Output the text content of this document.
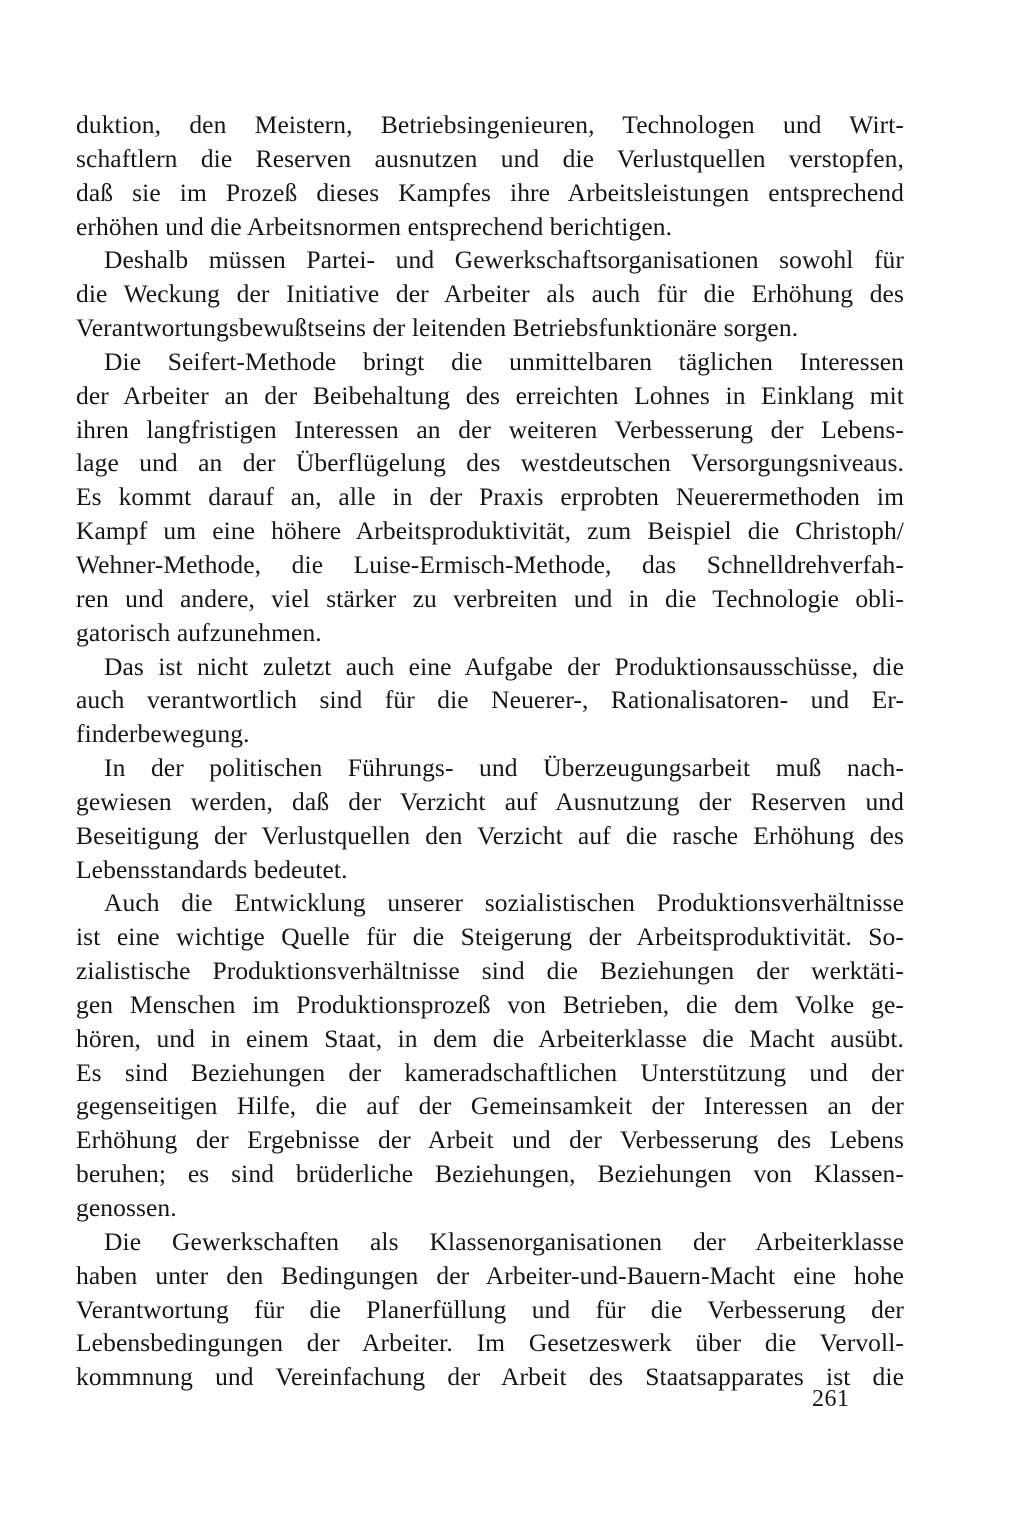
duktion, den Meistern, Betriebsingenieuren, Technologen und Wirt-
schaftlern die Reserven ausnutzen und die Verlustquellen verstopfen,
daß sie im Prozeß dieses Kampfes ihre Arbeitsleistungen entsprechend
erhöhen und die Arbeitsnormen entsprechend berichtigen.
Deshalb müssen Partei- und Gewerkschaftsorganisationen sowohl für
die Weckung der Initiative der Arbeiter als auch für die Erhöhung des
Verantwortungsbewußtseins der leitenden Betriebsfunktionäre sorgen.
Die Seifert-Methode bringt die unmittelbaren täglichen Interessen
der Arbeiter an der Beibehaltung des erreichten Lohnes in Einklang mit
ihren langfristigen Interessen an der weiteren Verbesserung der Lebens-
lage und an der Überflügelung des westdeutschen Versorgungsniveaus.
Es kommt darauf an, alle in der Praxis erprobten Neuerermethoden im
Kampf um eine höhere Arbeitsproduktivität, zum Beispiel die Christoph/
Wehner-Methode, die Luise-Ermisch-Methode, das Schnelldrehverfah-
ren und andere, viel stärker zu verbreiten und in die Technologie obli-
gatorisch aufzunehmen.
Das ist nicht zuletzt auch eine Aufgabe der Produktionsausschüsse, die
auch verantwortlich sind für die Neuerer-, Rationalisatoren- und Er-
finderbewegung.
In der politischen Führungs- und Überzeugungsarbeit muß nach-
gewiesen werden, daß der Verzicht auf Ausnutzung der Reserven und
Beseitigung der Verlustquellen den Verzicht auf die rasche Erhöhung des
Lebensstandards bedeutet.
Auch die Entwicklung unserer sozialistischen Produktionsverhältnisse
ist eine wichtige Quelle für die Steigerung der Arbeitsproduktivität. So-
zialistische Produktionsverhältnisse sind die Beziehungen der werktäti-
gen Menschen im Produktionsprozeß von Betrieben, die dem Volke ge-
hören, und in einem Staat, in dem die Arbeiterklasse die Macht ausübt.
Es sind Beziehungen der kameradschaftlichen Unterstützung und der
gegenseitigen Hilfe, die auf der Gemeinsamkeit der Interessen an der
Erhöhung der Ergebnisse der Arbeit und der Verbesserung des Lebens
beruhen; es sind brüderliche Beziehungen, Beziehungen von Klassen-
genossen.
Die Gewerkschaften als Klassenorganisationen der Arbeiterklasse
haben unter den Bedingungen der Arbeiter-und-Bauern-Macht eine hohe
Verantwortung für die Planerfüllung und für die Verbesserung der
Lebensbedingungen der Arbeiter. Im Gesetzeswerk über die Vervoll-
kommnung und Vereinfachung der Arbeit des Staatsapparates ist die
261
